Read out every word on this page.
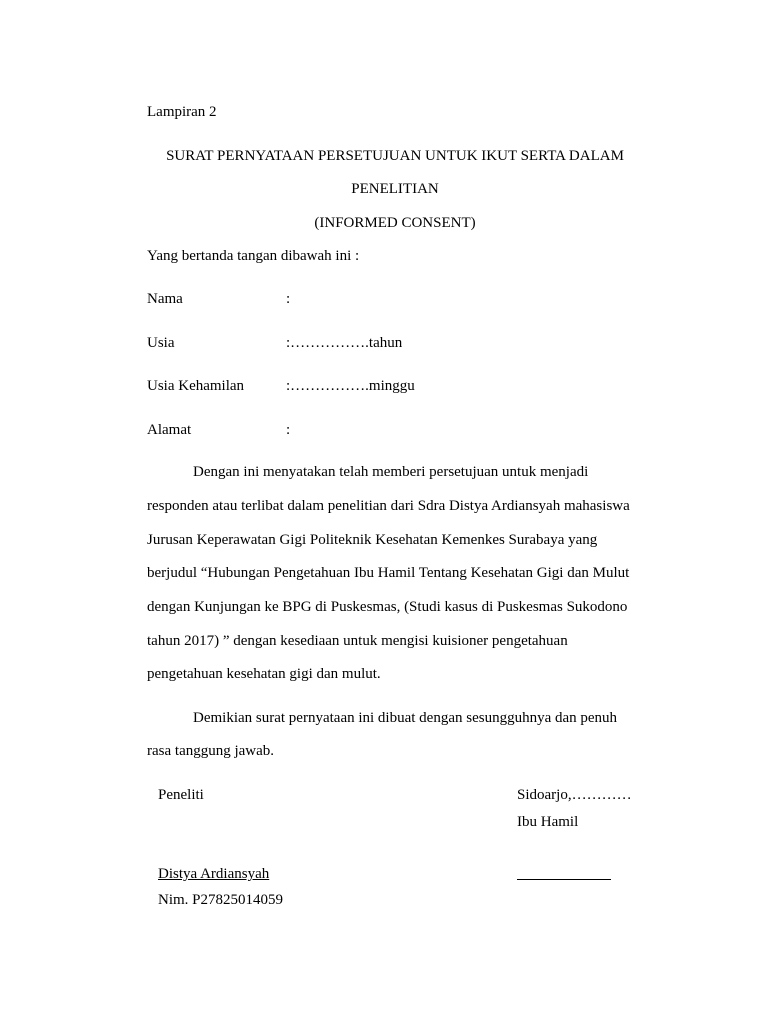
Lampiran 2
SURAT PERNYATAAN PERSETUJUAN UNTUK IKUT SERTA DALAM
PENELITIAN
(INFORMED CONSENT)
Yang bertanda tangan dibawah ini :
Nama	:
Usia	:…………….tahun
Usia Kehamilan	:…………….minggu
Alamat	:
Dengan ini menyatakan telah memberi persetujuan untuk menjadi
responden atau terlibat dalam penelitian dari Sdra Distya Ardiansyah mahasiswa
Jurusan Keperawatan Gigi Politeknik Kesehatan Kemenkes Surabaya yang
berjudul “Hubungan Pengetahuan Ibu Hamil Tentang Kesehatan Gigi dan Mulut
dengan Kunjungan ke BPG di Puskesmas, (Studi kasus di Puskesmas Sukodono
tahun 2017) ” dengan kesediaan untuk mengisi kuisioner pengetahuan
pengetahuan kesehatan gigi dan mulut.
Demikian surat pernyataan ini dibuat dengan sesungguhnya dan penuh
rasa tanggung jawab.
Peneliti	Sidoarjo,…………
Ibu Hamil
Distya Ardiansyah
Nim. P27825014059
